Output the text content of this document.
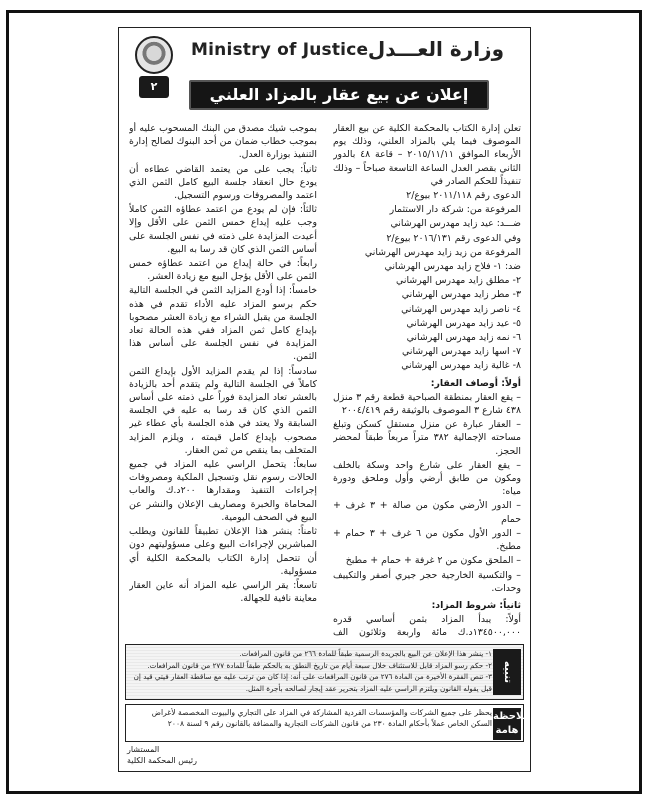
٢
Ministry of Justice وزارة العـــدل
إعلان عن بيع عقار بالمزاد العلني

تعلن إدارة الكتاب بالمحكمة الكلية عن بيع العقار الموصوف فيما يلي بالمزاد العلني، وذلك يوم الأربعاء الموافق ٢٠١٥/١١/١١ – قاعة ٤٨ بالدور الثاني بقصر العدل الساعة التاسعة صباحاً – وذلك تنفيذاً للحكم الصادر في

الدعوى رقم ٢٠١١/١١٨ بيوع/٢

المرفوعة من: شركة دار الاستثمار

ضـــد: عيد زايد مهدرس الهرشاني

وفي الدعوى رقم ٢٠١٦/١٣١ بيوع/٢

المرفوعة من زيد زايد مهدرس الهرشاني

ضد: ١- فلاح زايد مهدرس الهرشاني

٢- مطلق زايد مهدرس الهرشاني

٣- مطر زايد مهدرس الهرشاني

٤- ناصر زايد مهدرس الهرشاني

٥- عيد زايد مهدرس الهرشاني

٦- نمه زايد مهدرس الهرشاني

٧- اسها زايد مهدرس الهرشاني

٨- غالية زايد مهدرس الهرشاني

أولاً: أوصاف العقار:

– يقع العقار بمنطقة الصباحية قطعة رقم ٣ منزل ٤٣٨ شارع ٣ الموصوف بالوثيقة رقم ٢٠٠٤/٤١٩

– العقار عبارة عن منزل مستقل كسكن وتبلغ مساحته الإجمالية ٣٨٢ متراً مربعاً طبقاً لمحضر الحجز.

– يقع العقار على شارع واحد وسكة بالخلف ومكون من طابق أرضي وأول وملحق ودورة مياه:

– الدور الأرضي مكون من صالة + ٣ غرف + حمام

– الدور الأول مكون من ٦ غرف + ٣ حمام + مطبخ.

– الملحق مكون من ٢ غرفة + حمام + مطبخ

– والتكسية الخارجية حجر جيري أصفر والتكييف وحدات.

ثانياً: شروط المزاد:

أولاً: يبدأ المزاد بثمن أساسي قدره ١٣٤٥٠٠,٠٠٠د.ك مائة واربعة وثلاثون الف

بموجب شيك مصدق من البنك المسحوب عليه أو بموجب خطاب ضمان من أحد البنوك لصالح إدارة التنفيذ بوزارة العدل.

ثانياً: يجب على من يعتمد القاضي عطاءه أن يودع حال انعقاد جلسة البيع كامل الثمن الذي اعتمد والمصروفات ورسوم التسجيل.

ثالثاً: فإن لم يودع من اعتمد عطاؤه الثمن كاملاً وجب عليه إيداع خمس الثمن على الأقل وإلا أعيدت المزايدة على ذمته في نفس الجلسة على أساس الثمن الذي كان قد رسا به البيع.

رابعاً: في حالة إيداع من اعتمد عطاؤه خمس الثمن على الأقل يؤجل البيع مع زيادة العشر.

خامساً: إذا أودع المزايد الثمن في الجلسة التالية حكم برسو المزاد عليه الأداء تقدم في هذه الجلسة من يقبل الشراء مع زيادة العشر مصحوبا بإيداع كامل ثمن المزاد ففي هذه الحالة تعاد المزايدة في نفس الجلسة على أساس هذا الثمن.

سادساً: إذا لم يقدم المزايد الأول بإيداع الثمن كاملاً في الجلسة التالية ولم يتقدم أحد بالزيادة بالعشر تعاد المزايدة فوراً على ذمته على أساس الثمن الذي كان قد رسا به عليه في الجلسة السابقة ولا يعتد في هذه الجلسة بأي عطاء غير مصحوب بإيداع كامل قيمته ، ويلزم المزايد المتخلف بما ينقص من ثمن العقار.

سابعاً: يتحمل الراسي عليه المزاد في جميع الحالات رسوم نقل وتسجيل الملكية ومصروفات إجراءات التنفيذ ومقدارها ٢٠٠د.ك والعاب المحاماة والخبرة ومصاريف الإعلان والنشر عن البيع في الصحف اليومية.

ثامناً: ينشر هذا الإعلان تطبيقاً للقانون ويطلب المباشرين لإجراءات البيع وعلى مسؤوليتهم دون أن تتحمل إدارة الكتاب بالمحكمة الكلية أي مسؤولية.

تاسعاً: يقر الراسي عليه المزاد أنه عاين العقار معاينة نافية للجهالة.

تنبيه

١- ينشر هذا الإعلان عن البيع بالجريدة الرسمية طبقاً للمادة ٢٦٦ من قانون المرافعات.

٢- حكم رسو المزاد قابل للاستئناف خلال سبعة أيام من تاريخ النطق به بالحكم طبقاً للمادة ٢٧٧ من قانون المرافعات.

٣- تنص الفقرة الأخيرة من المادة ٢٧٦ من قانون المرافعات على أنه: إذا كان من ترتب عليه مع ساقطة العقار فيتي قيد إن قبل يقوله القانون ويلتزم الراسي عليه المزاد بتحرير عقد إيجار لصالحه بأجرة المثل.

ملاحظة هامة
يحظر على جميع الشركات والمؤسسات الفردية المشاركة في المزاد على التجاري والبيوت المخصصة لأغراض السكن الخاص عملاً بأحكام المادة ٢٣٠ من قانون الشركات التجارية والمضافة بالقانون رقم ٩ لسنة ٢٠٠٨
المستشار
رئيس المحكمة الكلية
